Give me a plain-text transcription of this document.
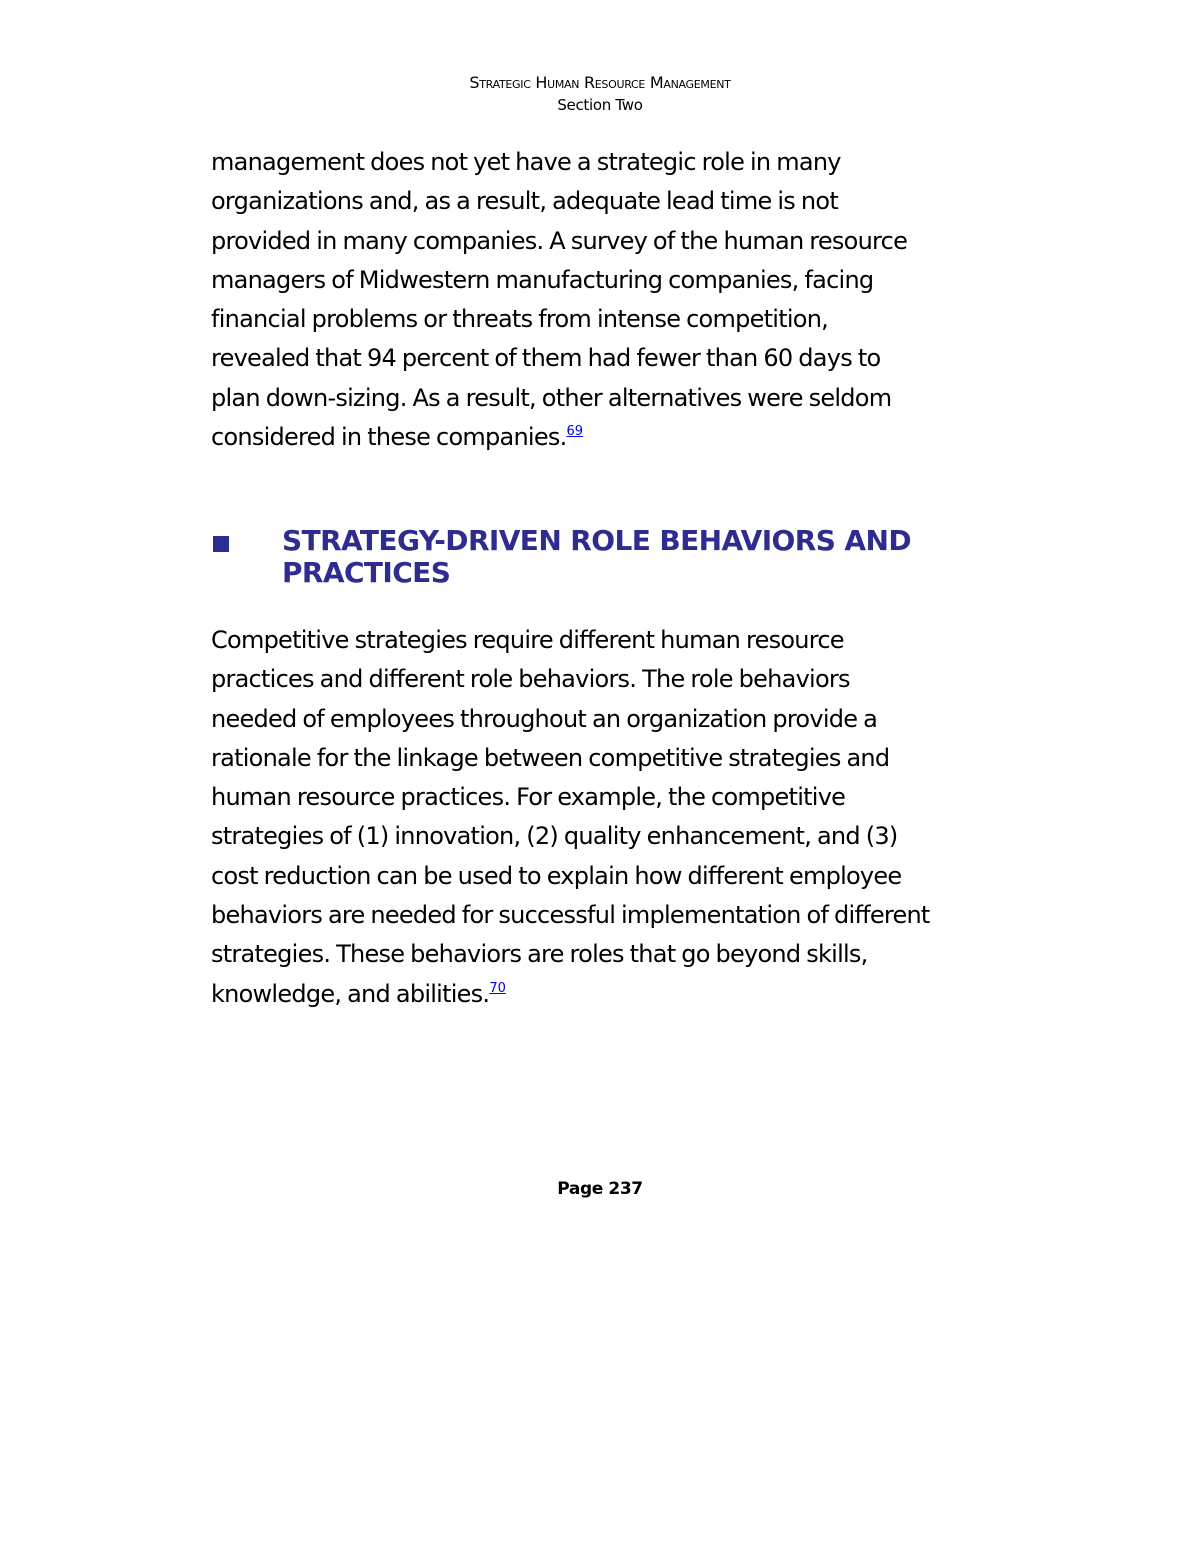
Strategic Human Resource Management
Section Two
management does not yet have a strategic role in many
organizations and, as a result, adequate lead time is not
provided in many companies. A survey of the human resource
managers of Midwestern manufacturing companies, facing
financial problems or threats from intense competition,
revealed that 94 percent of them had fewer than 60 days to
plan down-sizing. As a result, other alternatives were seldom
considered in these companies.$^{69}$
STRATEGY-DRIVEN ROLE BEHAVIORS AND
PRACTICES
Competitive strategies require different human resource
practices and different role behaviors. The role behaviors
needed of employees throughout an organization provide a
rationale for the linkage between competitive strategies and
human resource practices. For example, the competitive
strategies of (1) innovation, (2) quality enhancement, and (3)
cost reduction can be used to explain how different employee
behaviors are needed for successful implementation of different
strategies. These behaviors are roles that go beyond skills,
knowledge, and abilities.$^{70}$
Page 237
